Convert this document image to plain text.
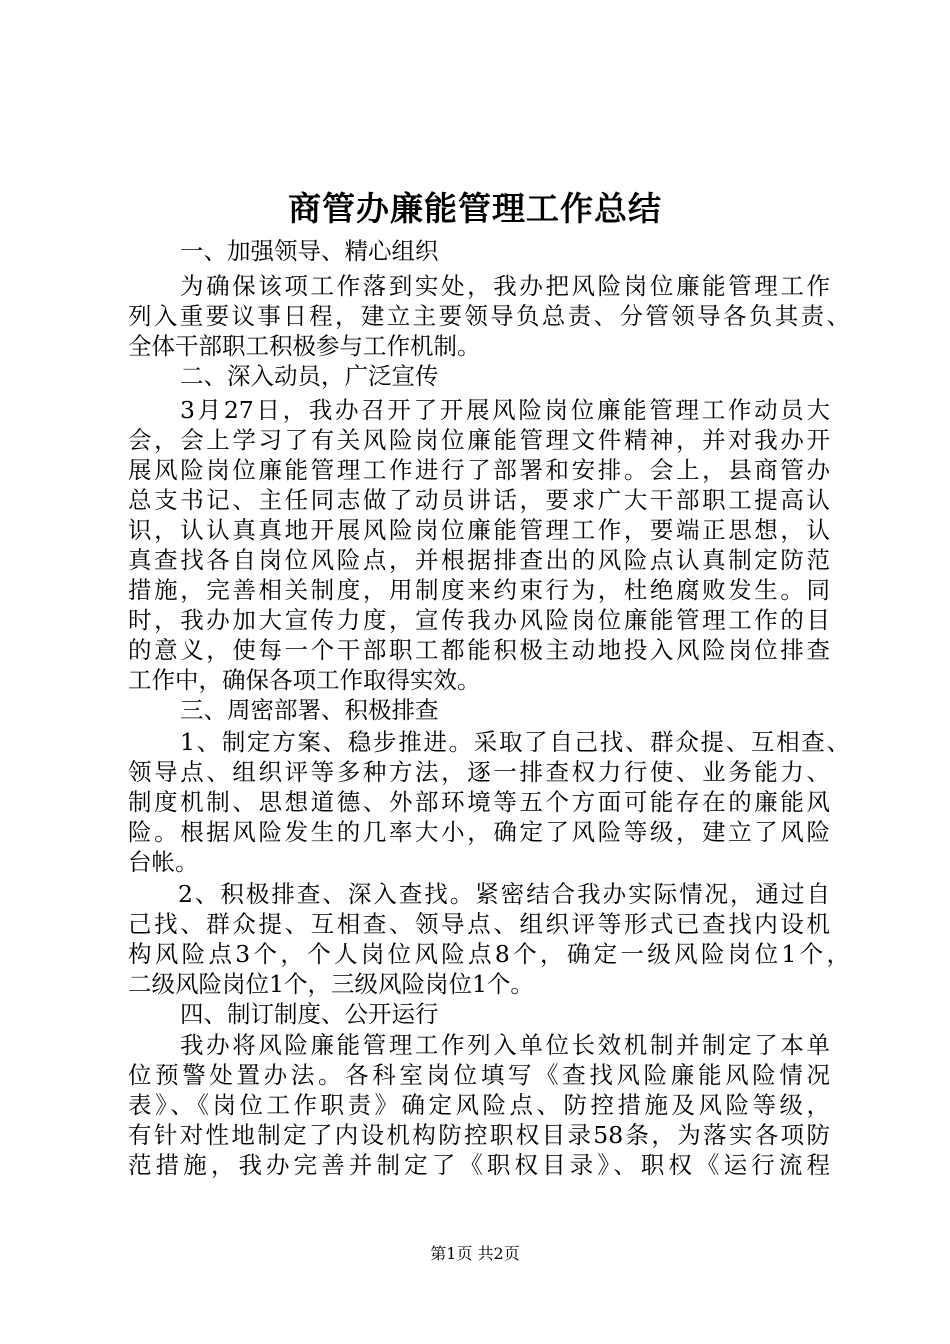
商管办廉能管理工作总结
一、加强领导、精心组织
为确保该项工作落到实处，我办把风险岗位廉能管理工作
列入重要议事日程，建立主要领导负总责、分管领导各负其责、
全体干部职工积极参与工作机制。
二、深入动员，广泛宣传
3月27日，我办召开了开展风险岗位廉能管理工作动员大
会，会上学习了有关风险岗位廉能管理文件精神，并对我办开
展风险岗位廉能管理工作进行了部署和安排。会上，县商管办
总支书记、主任同志做了动员讲话，要求广大干部职工提高认
识，认认真真地开展风险岗位廉能管理工作，要端正思想，认
真查找各自岗位风险点，并根据排查出的风险点认真制定防范
措施，完善相关制度，用制度来约束行为，杜绝腐败发生。同
时，我办加大宣传力度，宣传我办风险岗位廉能管理工作的目
的意义，使每一个干部职工都能积极主动地投入风险岗位排查
工作中，确保各项工作取得实效。
三、周密部署、积极排查
1、制定方案、稳步推进。采取了自己找、群众提、互相查、
领导点、组织评等多种方法，逐一排查权力行使、业务能力、
制度机制、思想道德、外部环境等五个方面可能存在的廉能风
险。根据风险发生的几率大小，确定了风险等级，建立了风险
台帐。
2、积极排查、深入查找。紧密结合我办实际情况，通过自
己找、群众提、互相查、领导点、组织评等形式已查找内设机
构风险点3个，个人岗位风险点8个，确定一级风险岗位1个，
二级风险岗位1个，三级风险岗位1个。
四、制订制度、公开运行
我办将风险廉能管理工作列入单位长效机制并制定了本单
位预警处置办法。各科室岗位填写《查找风险廉能风险情况
表》、《岗位工作职责》确定风险点、防控措施及风险等级，
有针对性地制定了内设机构防控职权目录58条，为落实各项防
范措施，我办完善并制定了《职权目录》、职权《运行流程
第1页 共2页
